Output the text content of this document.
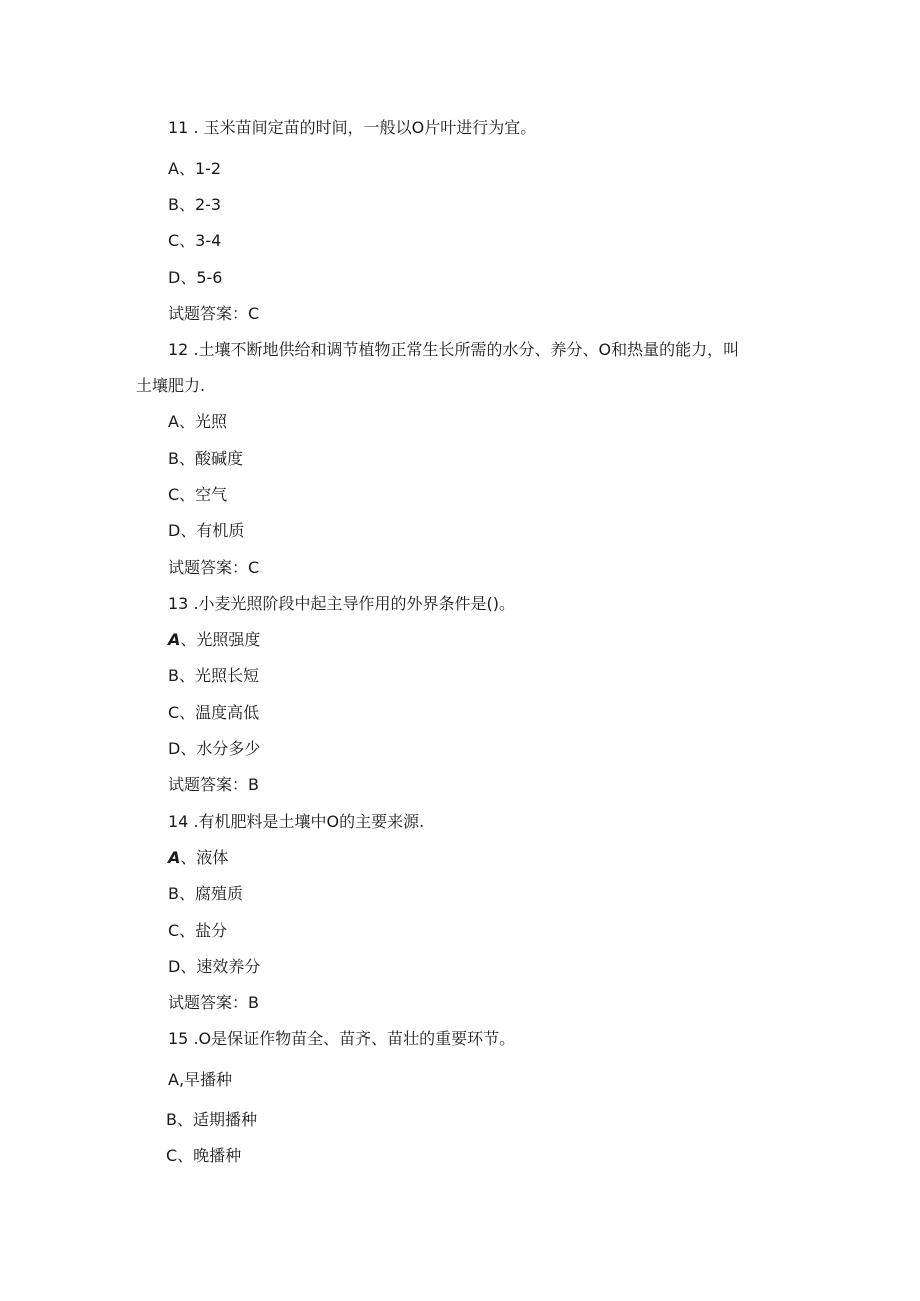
11 . 玉米苗间定苗的时间，一般以O片叶进行为宜。
A、1-2
B、2-3
C、3-4
D、5-6
试题答案：C
12 .土壤不断地供给和调节植物正常生长所需的水分、养分、O和热量的能力，叫
土壤肥力.
A、光照
B、酸碱度
C、空气
D、有机质
试题答案：C
13 .小麦光照阶段中起主导作用的外界条件是()。
A、光照强度
B、光照长短
C、温度高低
D、水分多少
试题答案：B
14 .有机肥料是土壤中O的主要来源.
A、液体
B、腐殖质
C、盐分
D、速效养分
试题答案：B
15 .O是保证作物苗全、苗齐、苗壮的重要环节。
A,早播种
B、适期播种
C、晚播种
